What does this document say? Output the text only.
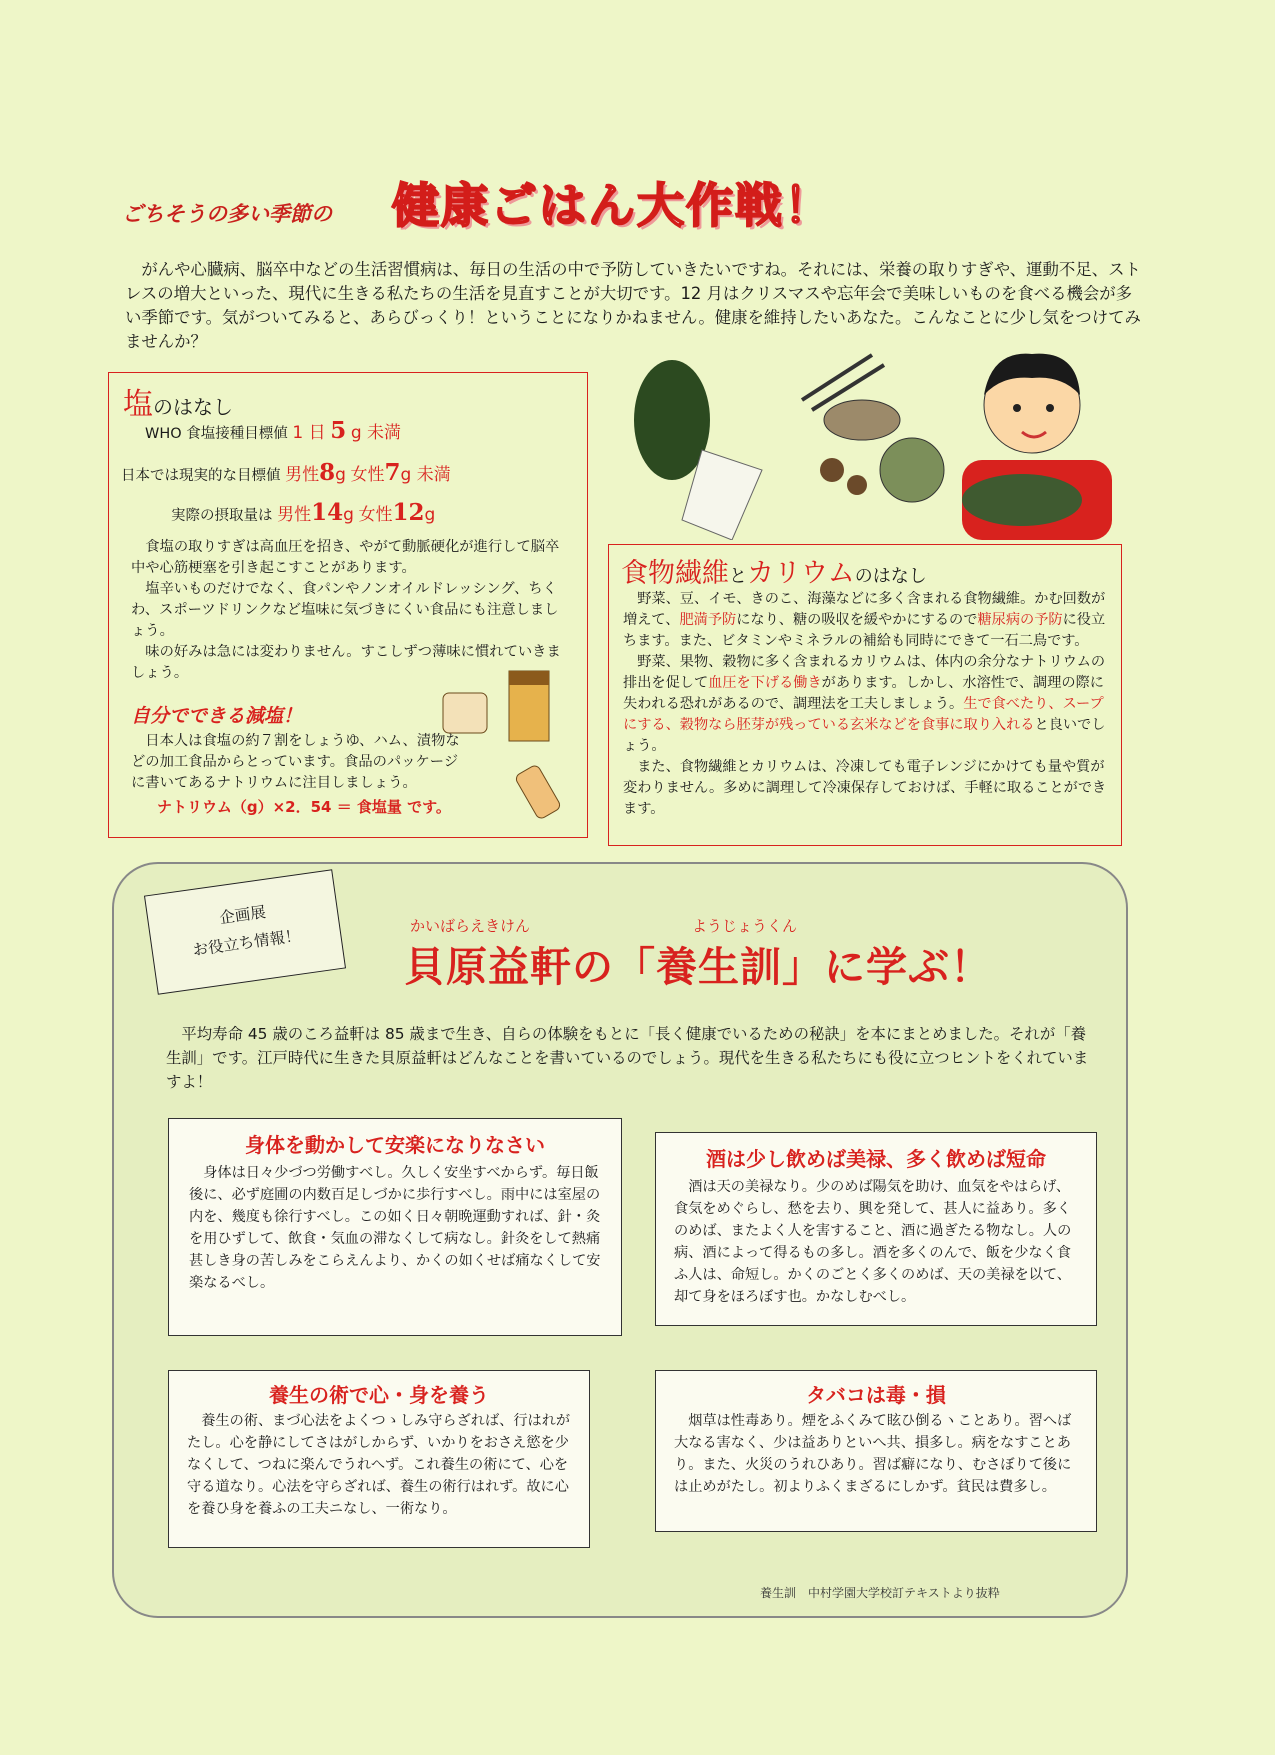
ごちそうの多い季節の 健康ごはん大作戦！
がんや心臓病、脳卒中などの生活習慣病は、毎日の生活の中で予防していきたいですね。それには、栄養の取りすぎや、運動不足、ストレスの増大といった、現代に生きる私たちの生活を見直すことが大切です。12 月はクリスマスや忘年会で美味しいものを食べる機会が多い季節です。気がついてみると、あらびっくり！ということになりかねません。健康を維持したいあなた。こんなことに少し気をつけてみませんか？
塩のはなし
WHO 食塩接種目標値 1 日 5 g 未満
日本では現実的な目標値 男性8g 女性7g 未満
実際の摂取量は 男性14g 女性12g

食塩の取りすぎは高血圧を招き、やがて動脈硬化が進行して脳卒中や心筋梗塞を引き起こすことがあります。

塩辛いものだけでなく、食パンやノンオイルドレッシング、ちくわ、スポーツドリンクなど塩味に気づきにくい食品にも注意しましょう。

味の好みは急には変わりません。すこしずつ薄味に慣れていきましょう。

自分でできる減塩！
日本人は食塩の約７割をしょうゆ、ハム、漬物などの加工食品からとっています。食品のパッケージに書いてあるナトリウムに注目しましょう。
ナトリウム（g）×2．54 ＝ 食塩量 です。
食物繊維とカリウムのはなし

野菜、豆、イモ、きのこ、海藻などに多く含まれる食物繊維。かむ回数が増えて、肥満予防になり、糖の吸収を緩やかにするので糖尿病の予防に役立ちます。また、ビタミンやミネラルの補給も同時にできて一石二鳥です。

野菜、果物、穀物に多く含まれるカリウムは、体内の余分なナトリウムの排出を促して血圧を下げる働きがあります。しかし、水溶性で、調理の際に失われる恐れがあるので、調理法を工夫しましょう。生で食べたり、スープにする、穀物なら胚芽が残っている玄米などを食事に取り入れると良いでしょう。

また、食物繊維とカリウムは、冷凍しても電子レンジにかけても量や質が変わりません。多めに調理して冷凍保存しておけば、手軽に取ることができます。

企画展
お役立ち情報！
かいばらえきけん	ようじょうくん
貝原益軒の「養生訓」に学ぶ！
平均寿命 45 歳のころ益軒は 85 歳まで生き、自らの体験をもとに「長く健康でいるための秘訣」を本にまとめました。それが「養生訓」です。江戸時代に生きた貝原益軒はどんなことを書いているのでしょう。現代を生きる私たちにも役に立つヒントをくれていますよ！
身体を動かして安楽になりなさい
身体は日々少づつ労働すべし。久しく安坐すべからず。毎日飯後に、必ず庭圃の内数百足しづかに歩行すべし。雨中には室屋の内を、幾度も徐行すべし。この如く日々朝晩運動すれば、針・灸を用ひずして、飲食・気血の滞なくして病なし。針灸をして熱痛甚しき身の苦しみをこらえんより、かくの如くせば痛なくして安楽なるべし。
酒は少し飲めば美禄、多く飲めば短命
酒は天の美禄なり。少のめば陽気を助け、血気をやはらげ、食気をめぐらし、愁を去り、興を発して、甚人に益あり。多くのめば、またよく人を害すること、酒に過ぎたる物なし。人の病、酒によって得るもの多し。酒を多くのんで、飯を少なく食ふ人は、命短し。かくのごとく多くのめば、天の美禄を以て、却て身をほろぼす也。かなしむべし。
養生の術で心・身を養う
養生の術、まづ心法をよくつゝしみ守らざれば、行はれがたし。心を静にしてさはがしからず、いかりをおさえ慾を少なくして、つねに楽んでうれへず。これ養生の術にて、心を守る道なり。心法を守らざれば、養生の術行はれず。故に心を養ひ身を養ふの工夫ニなし、一術なり。
タバコは毒・損
烟草は性毒あり。煙をふくみて眩ひ倒るヽことあり。習へば大なる害なく、少は益ありといへ共、損多し。病をなすことあり。また、火災のうれひあり。習ば癖になり、むさぼりて後には止めがたし。初よりふくまざるにしかず。貧民は費多し。
養生訓　中村学園大学校訂テキストより抜粋
